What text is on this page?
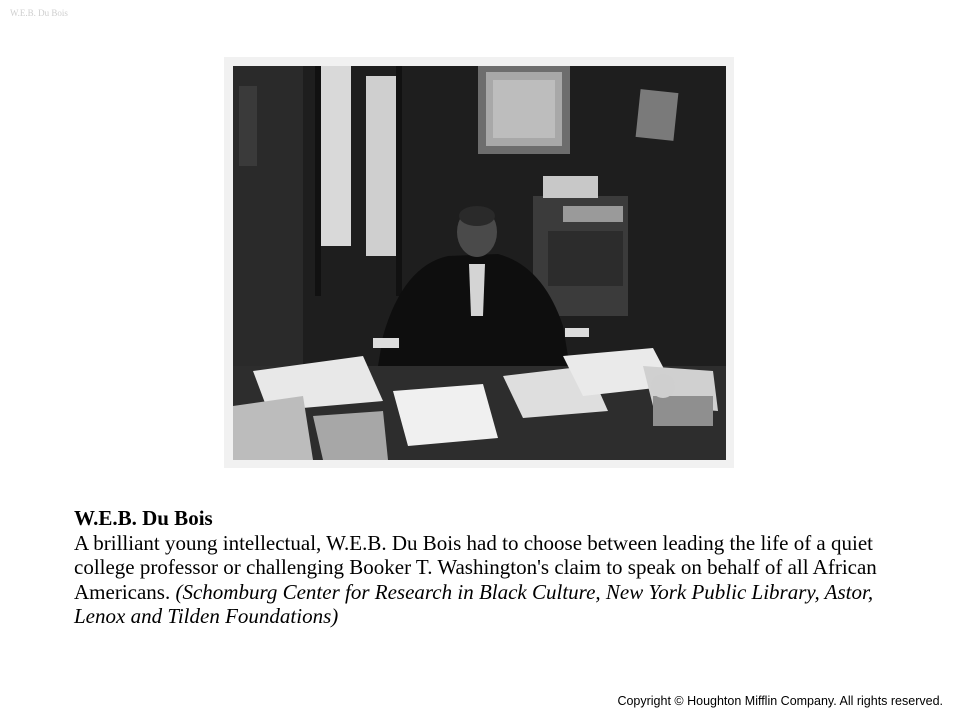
W.E.B. Du Bois
W.E.B. Du Bois
A brilliant young intellectual, W.E.B. Du Bois had to choose between leading the life of a quiet college professor or challenging Booker T. Washington's claim to speak on behalf of all African Americans. (Schomburg Center for Research in Black Culture, New York Public Library, Astor, Lenox and Tilden Foundations)
Copyright © Houghton Mifflin Company. All rights reserved.
